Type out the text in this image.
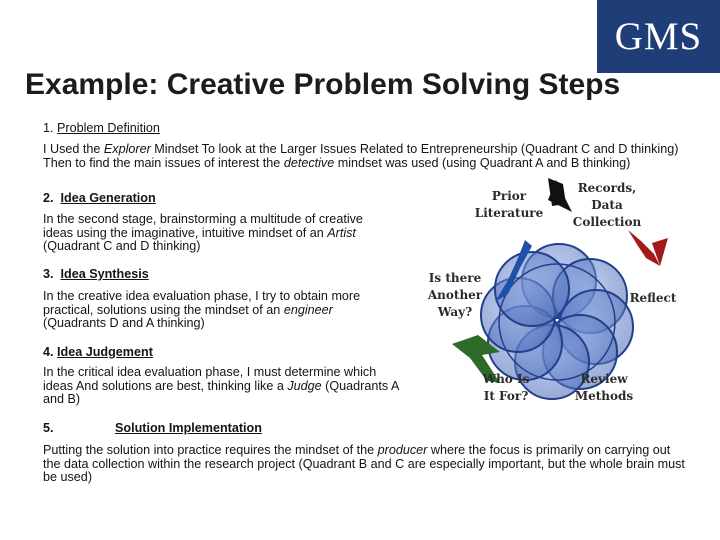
GMS
Example: Creative Problem Solving Steps
1. Problem Definition
I Used the Explorer Mindset To look at the Larger Issues Related to Entrepreneurship (Quadrant C and D thinking) Then to find the main issues of interest the detective mindset was used (using Quadrant A and B thinking)
2. Idea Generation
In the second stage, brainstorming a multitude of creative ideas using the imaginative, intuitive mindset of an Artist (Quadrant C and D thinking)
3. Idea Synthesis
In the creative idea evaluation phase, I try to obtain more practical, solutions using the mindset of an engineer (Quadrants D and A thinking)
4. Idea Judgement
In the critical idea evaluation phase, I must determine which ideas And solutions are best, thinking like a Judge (Quadrants A and B)
5.	Solution Implementation
Putting the solution into practice requires the mindset of the producer where the focus is primarily on carrying out the data collection within the research project (Quadrant B and C are especially important, but the whole brain must be used)
Prior Literature
Records, Data Collection
Is there Another Way?
Reflect
Who Is It For?
Review Methods
